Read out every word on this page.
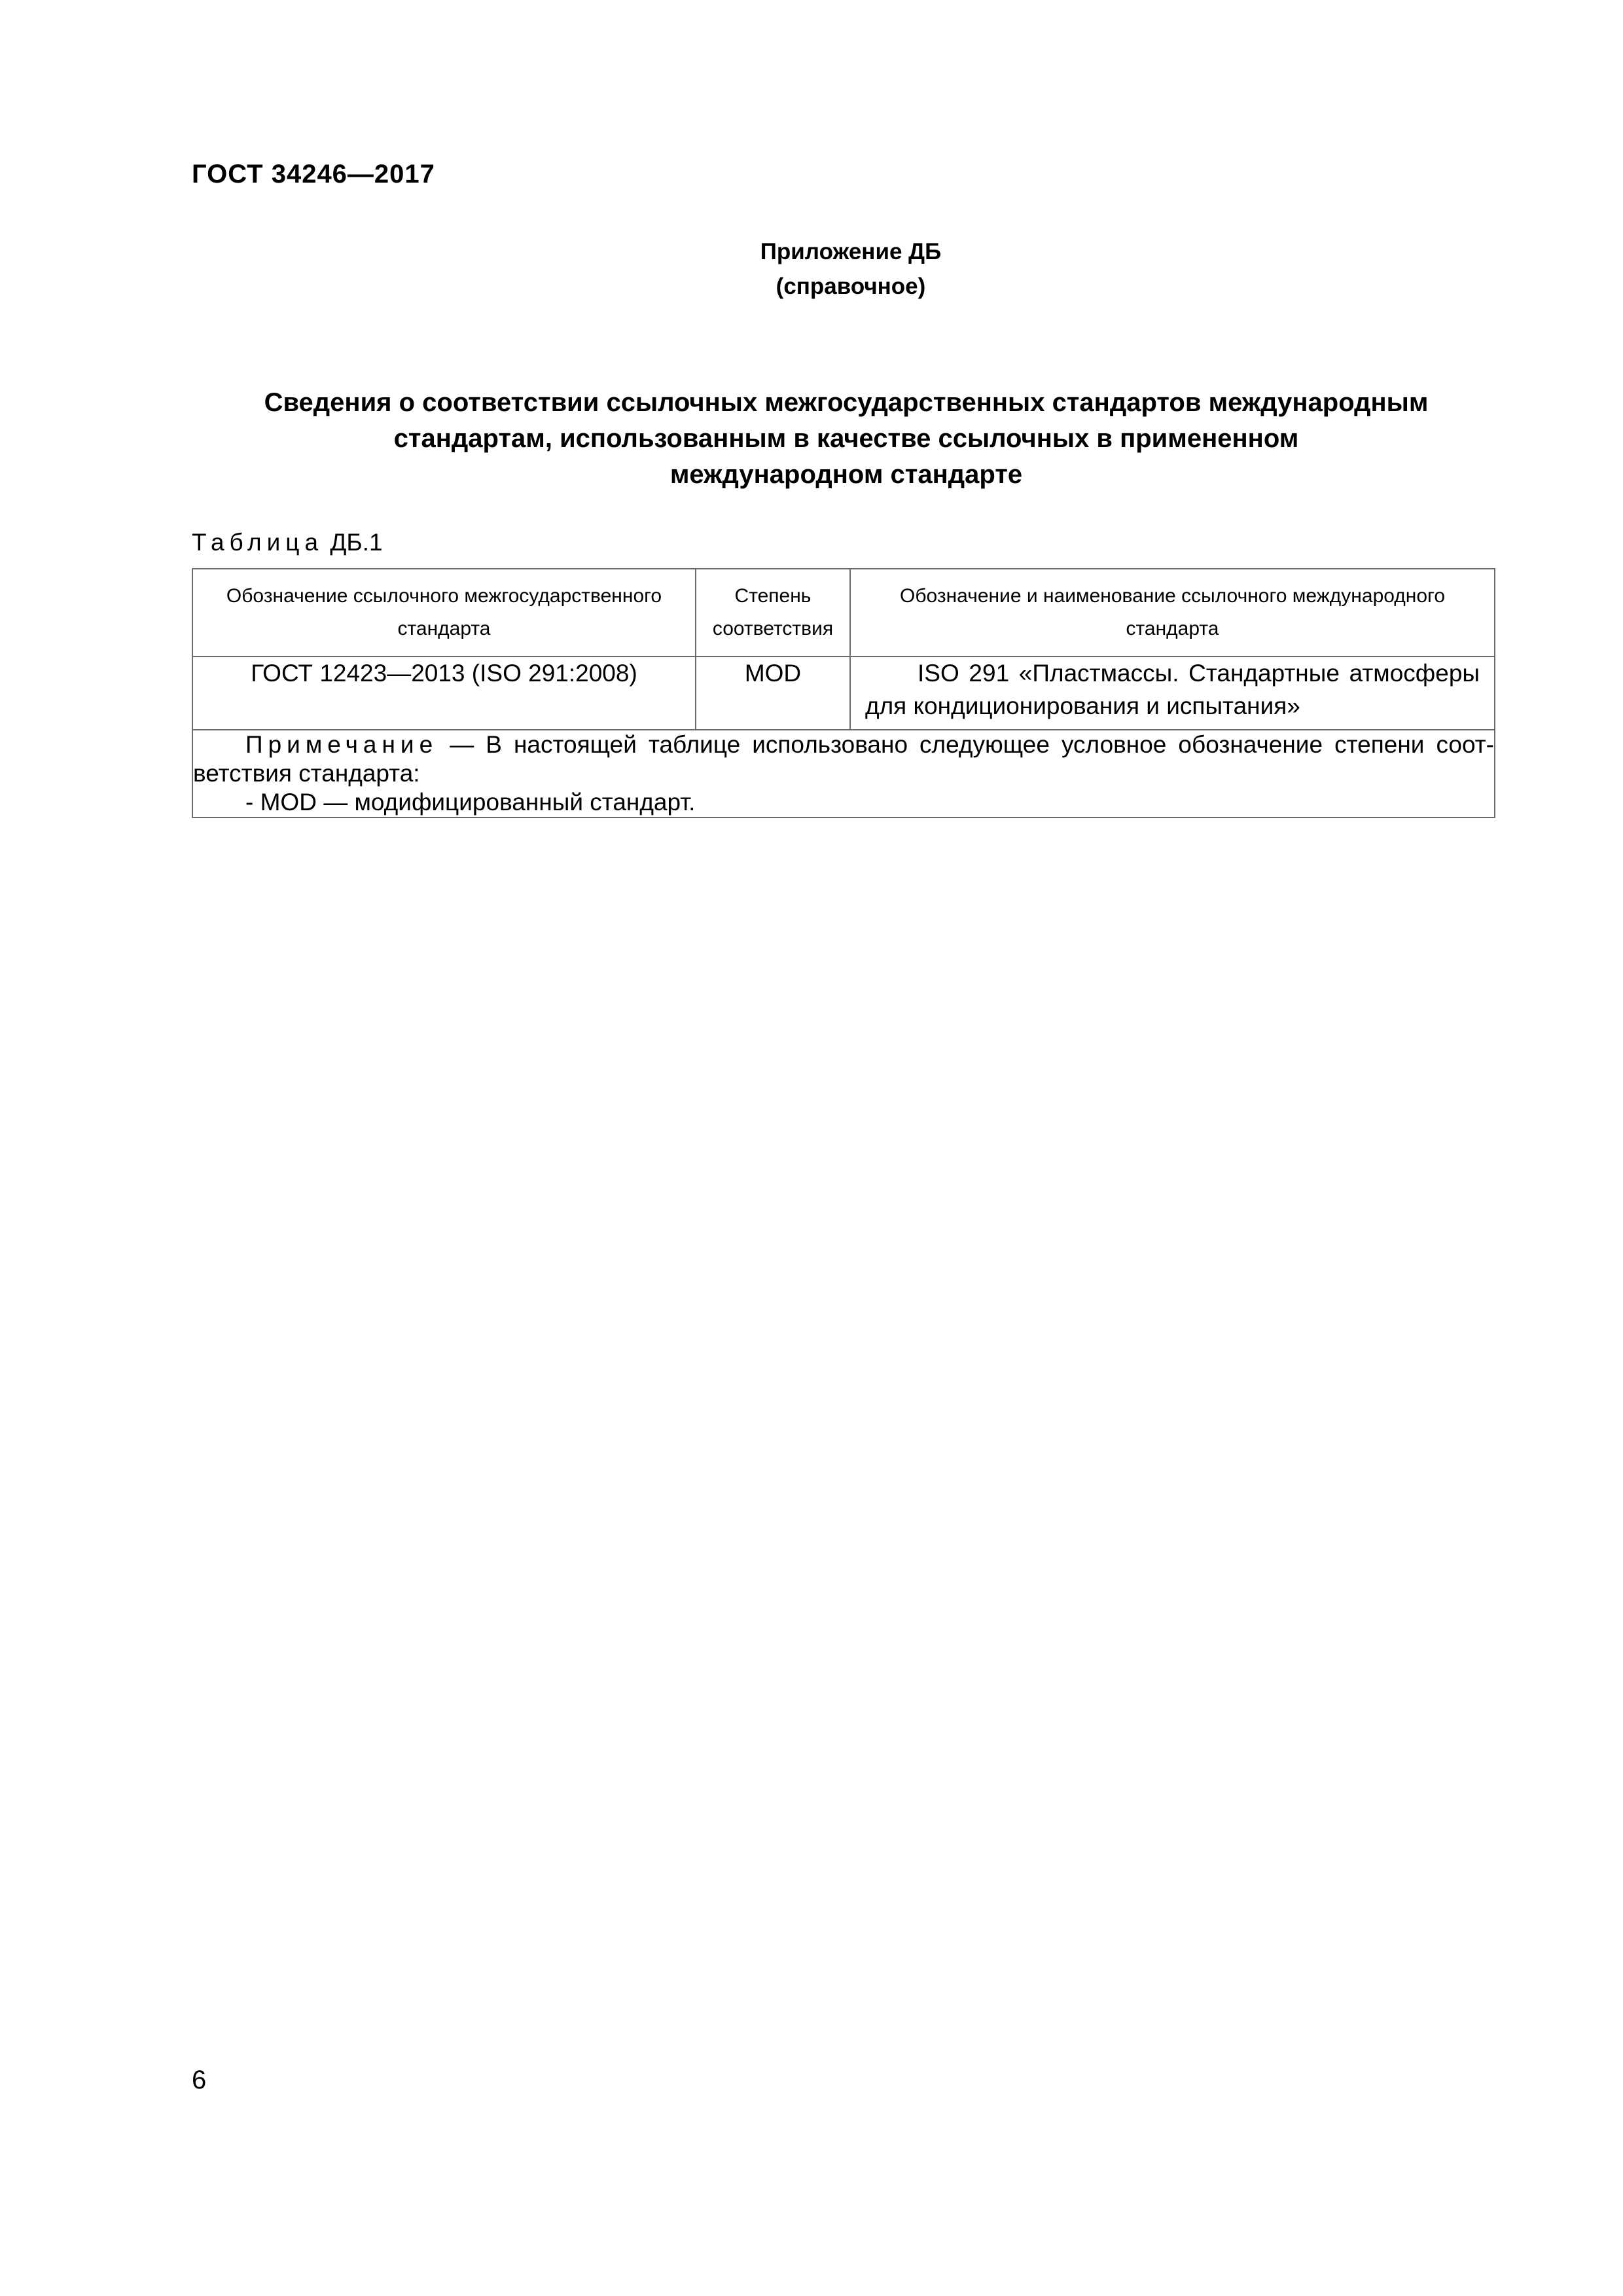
ГОСТ 34246—2017
Приложение ДБ
(справочное)
Сведения о соответствии ссылочных межгосударственных стандартов международным
стандартам, использованным в качестве ссылочных в примененном
международном стандарте

Таблица ДБ.1

Обозначение ссылочного межгосударственного стандарта	Степень соответствия	Обозначение и наименование ссылочного международного стандарта
ГОСТ 12423—2013 (ISO 291:2008)	MOD	ISO 291 «Пластмассы. Стандартные атмосферы для кондиционирования и испытания»

Примечание — В настоящей таблице использовано следующее условное обозначение степени соответствия стандарта:
- MOD — модифицированный стандарт.		

6
